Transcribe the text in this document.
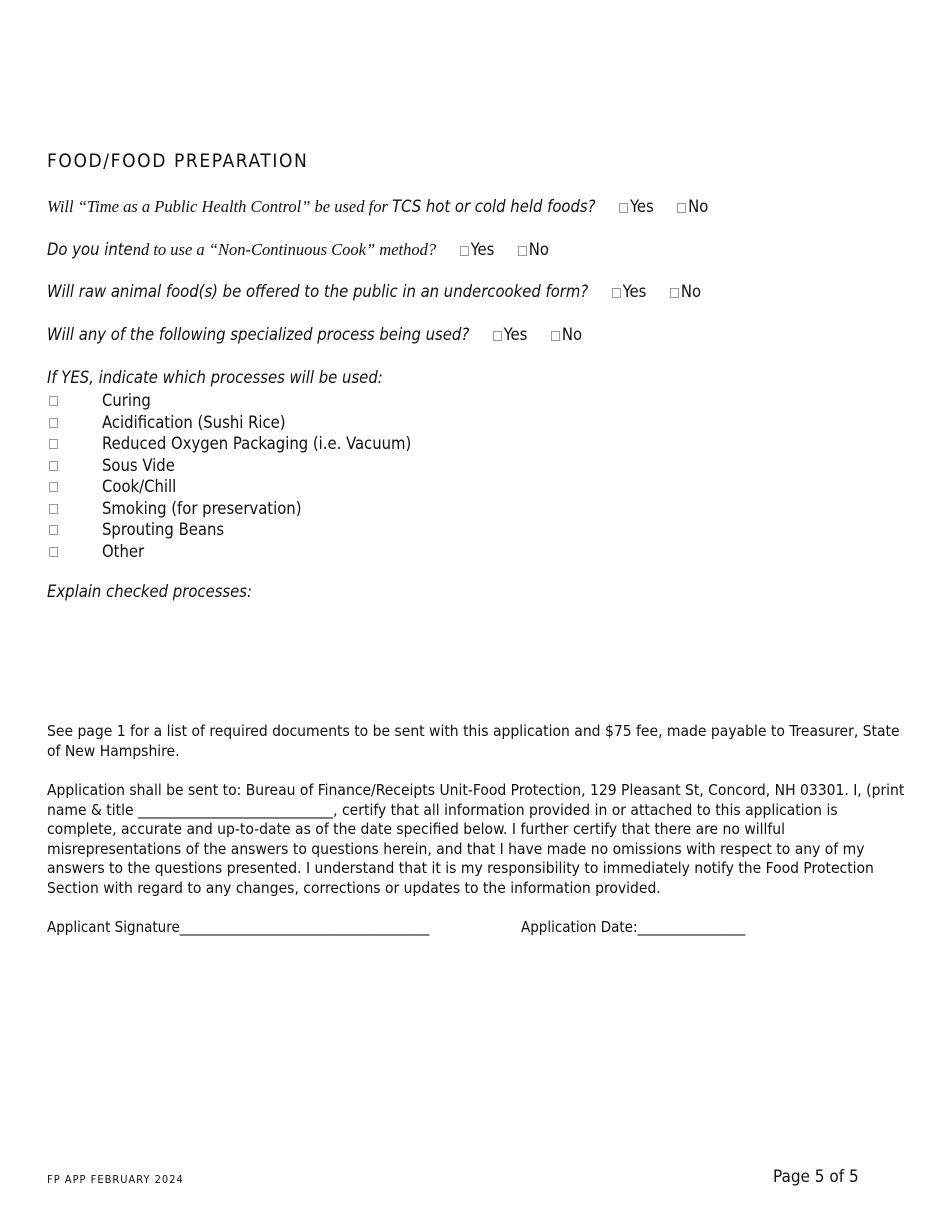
FOOD/FOOD PREPARATION
Will “Time as a Public Health Control” be used for TCS hot or cold held foods? Yes No
Do you intend to use a “Non-Continuous Cook” method? Yes No
Will raw animal food(s) be offered to the public in an undercooked form? Yes No
Will any of the following specialized process being used? Yes No
If YES, indicate which processes will be used:
Curing
Acidification (Sushi Rice)
Reduced Oxygen Packaging (i.e. Vacuum)
Sous Vide
Cook/Chill
Smoking (for preservation)
Sprouting Beans
Other
Explain checked processes:
See page 1 for a list of required documents to be sent with this application and $75 fee, made payable to Treasurer, State of New Hampshire.
Application shall be sent to: Bureau of Finance/Receipts Unit-Food Protection, 129 Pleasant St, Concord, NH 03301. I, (print name & title ____________________________, certify that all information provided in or attached to this application is complete, accurate and up-to-date as of the date specified below. I further certify that there are no willful misrepresentations of the answers to questions herein, and that I have made no omissions with respect to any of my answers to the questions presented. I understand that it is my responsibility to immediately notify the Food Protection Section with regard to any changes, corrections or updates to the information provided.
Applicant Signature_____________________________________	Application Date:________________
FP APP FEBRUARY 2024	Page 5 of 5
